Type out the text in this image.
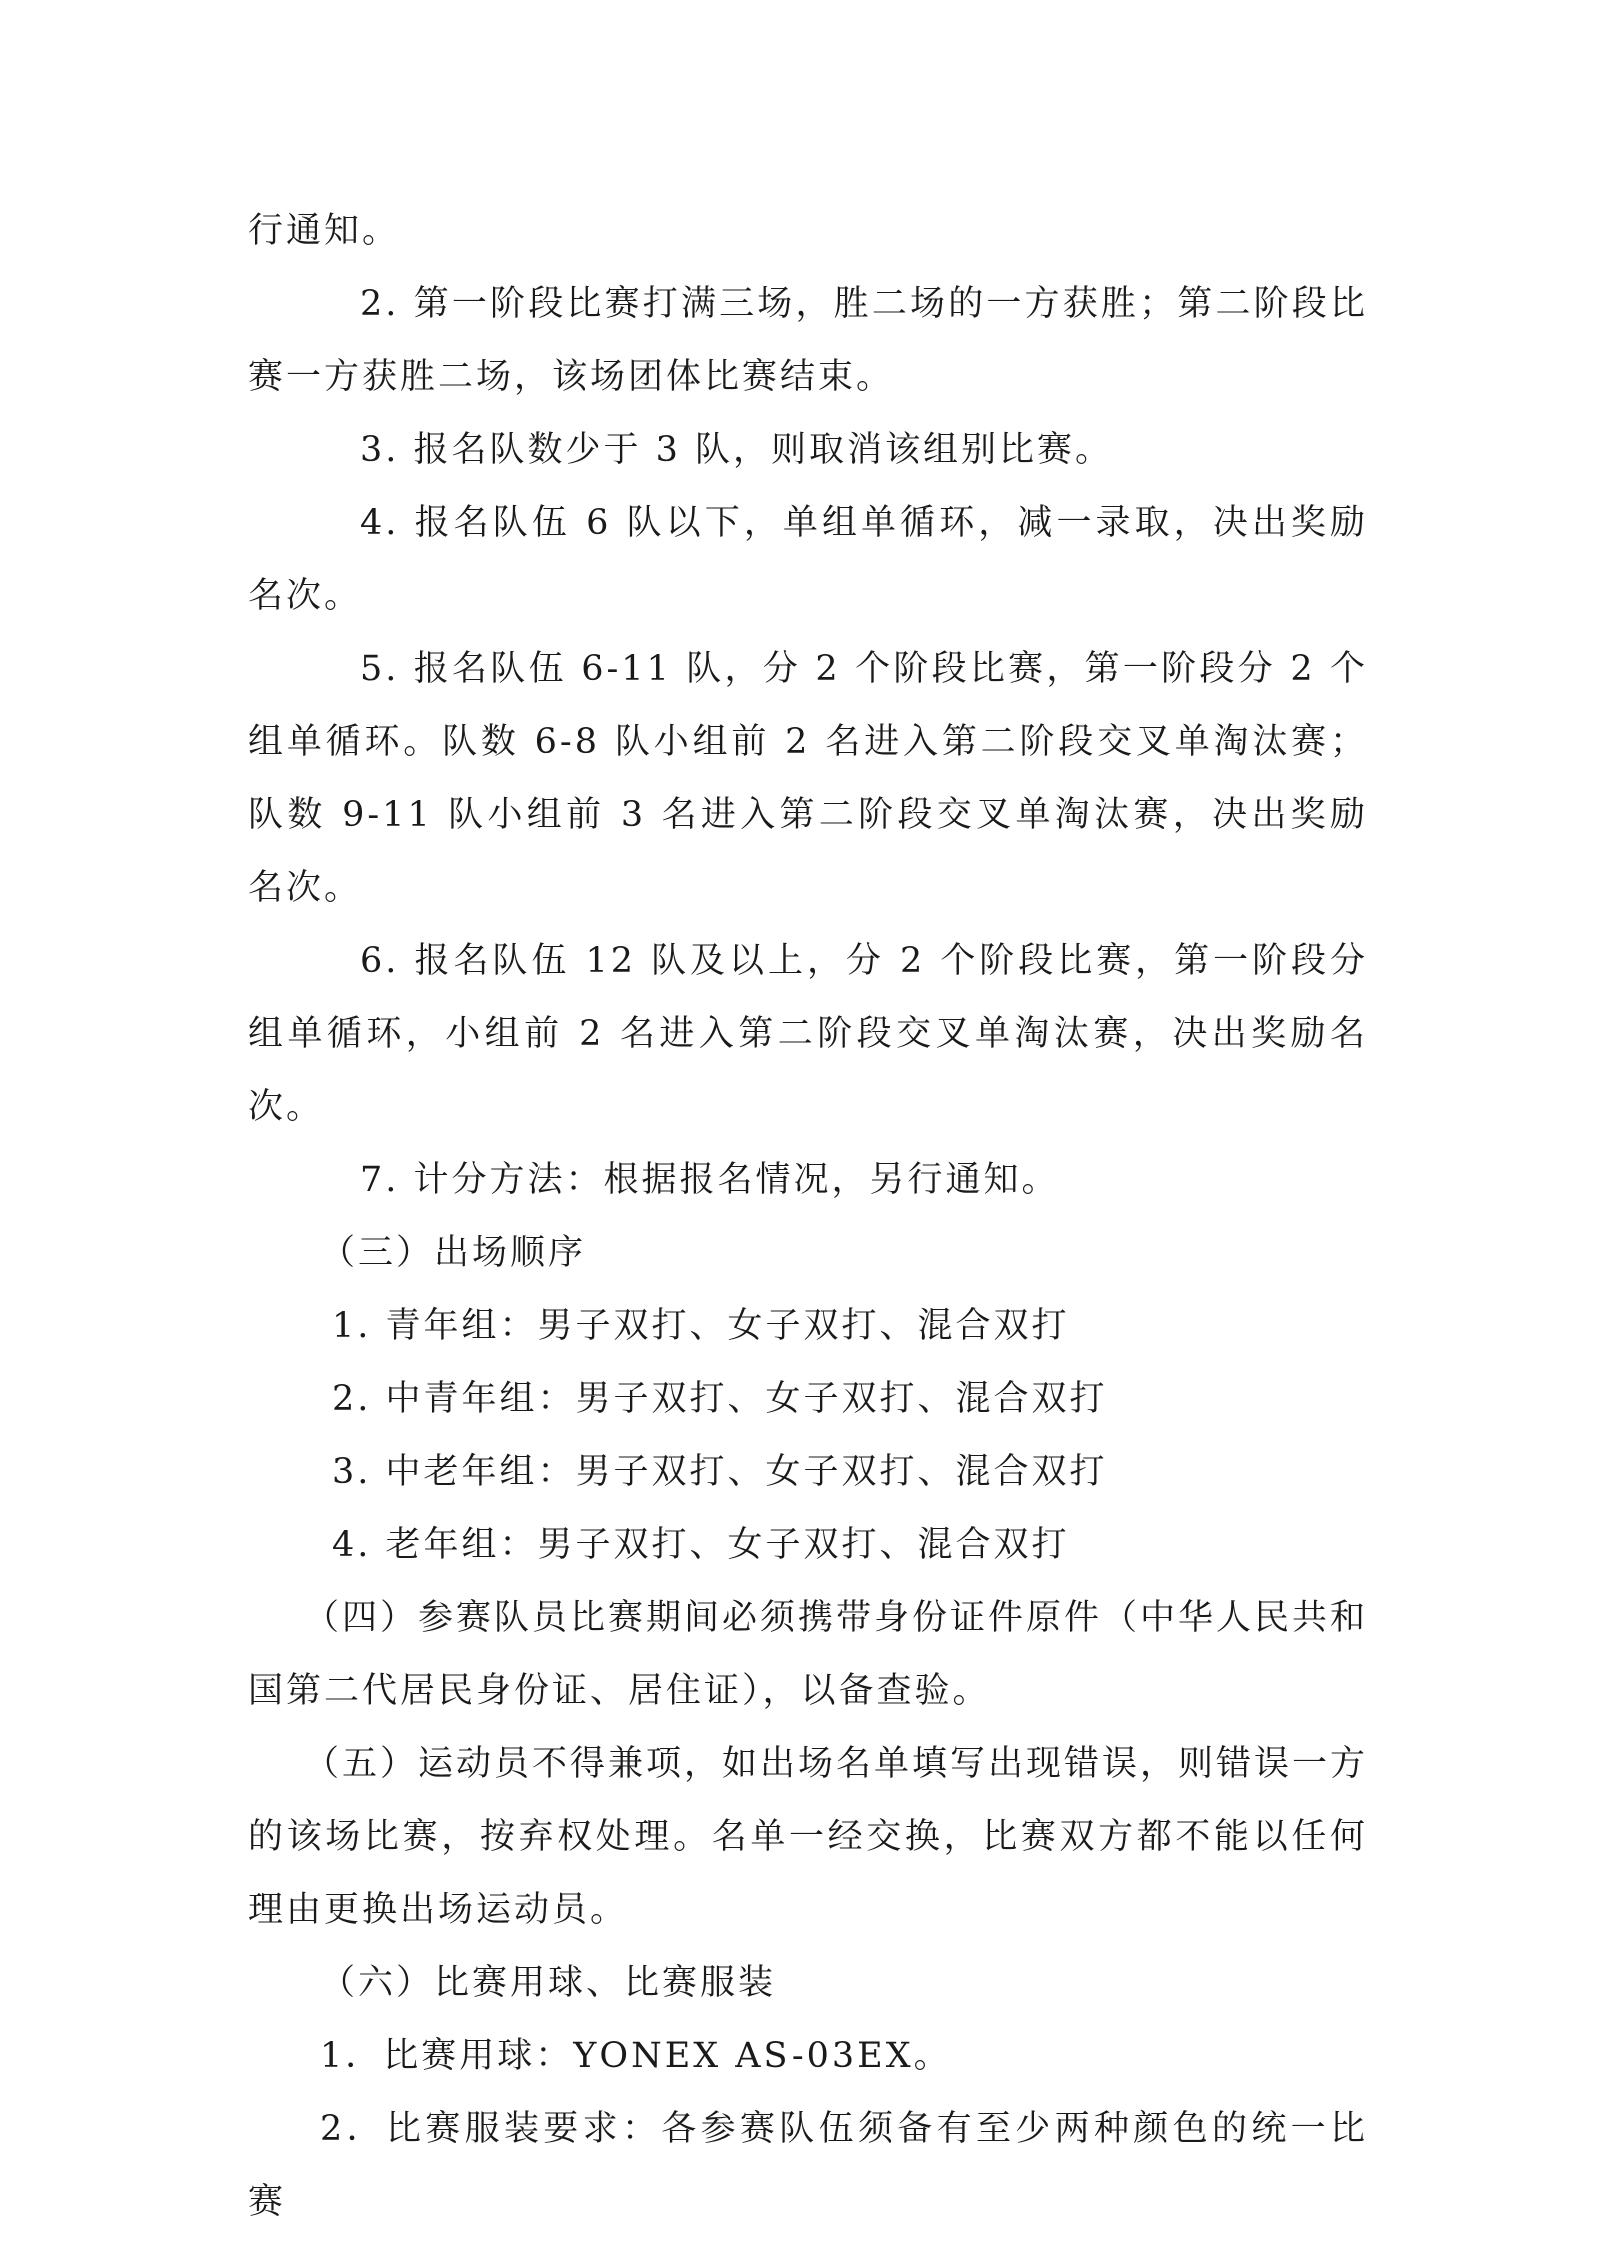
行通知。

2. 第一阶段比赛打满三场，胜二场的一方获胜；第二阶段比赛一方获胜二场，该场团体比赛结束。

3. 报名队数少于 3 队，则取消该组别比赛。

4. 报名队伍 6 队以下，单组单循环，减一录取，决出奖励名次。

5. 报名队伍 6-11 队，分 2 个阶段比赛，第一阶段分 2 个组单循环。队数 6-8 队小组前 2 名进入第二阶段交叉单淘汰赛；队数 9-11 队小组前 3 名进入第二阶段交叉单淘汰赛，决出奖励名次。

6. 报名队伍 12 队及以上，分 2 个阶段比赛，第一阶段分组单循环，小组前 2 名进入第二阶段交叉单淘汰赛，决出奖励名次。

7. 计分方法：根据报名情况，另行通知。

（三）出场顺序

1. 青年组：男子双打、女子双打、混合双打

2. 中青年组：男子双打、女子双打、混合双打

3. 中老年组：男子双打、女子双打、混合双打

4. 老年组：男子双打、女子双打、混合双打

（四）参赛队员比赛期间必须携带身份证件原件（中华人民共和国第二代居民身份证、居住证），以备查验。

（五）运动员不得兼项，如出场名单填写出现错误，则错误一方的该场比赛，按弃权处理。名单一经交换，比赛双方都不能以任何理由更换出场运动员。

（六）比赛用球、比赛服装

1．比赛用球：YONEX AS-03EX。

2．比赛服装要求：各参赛队伍须备有至少两种颜色的统一比赛
